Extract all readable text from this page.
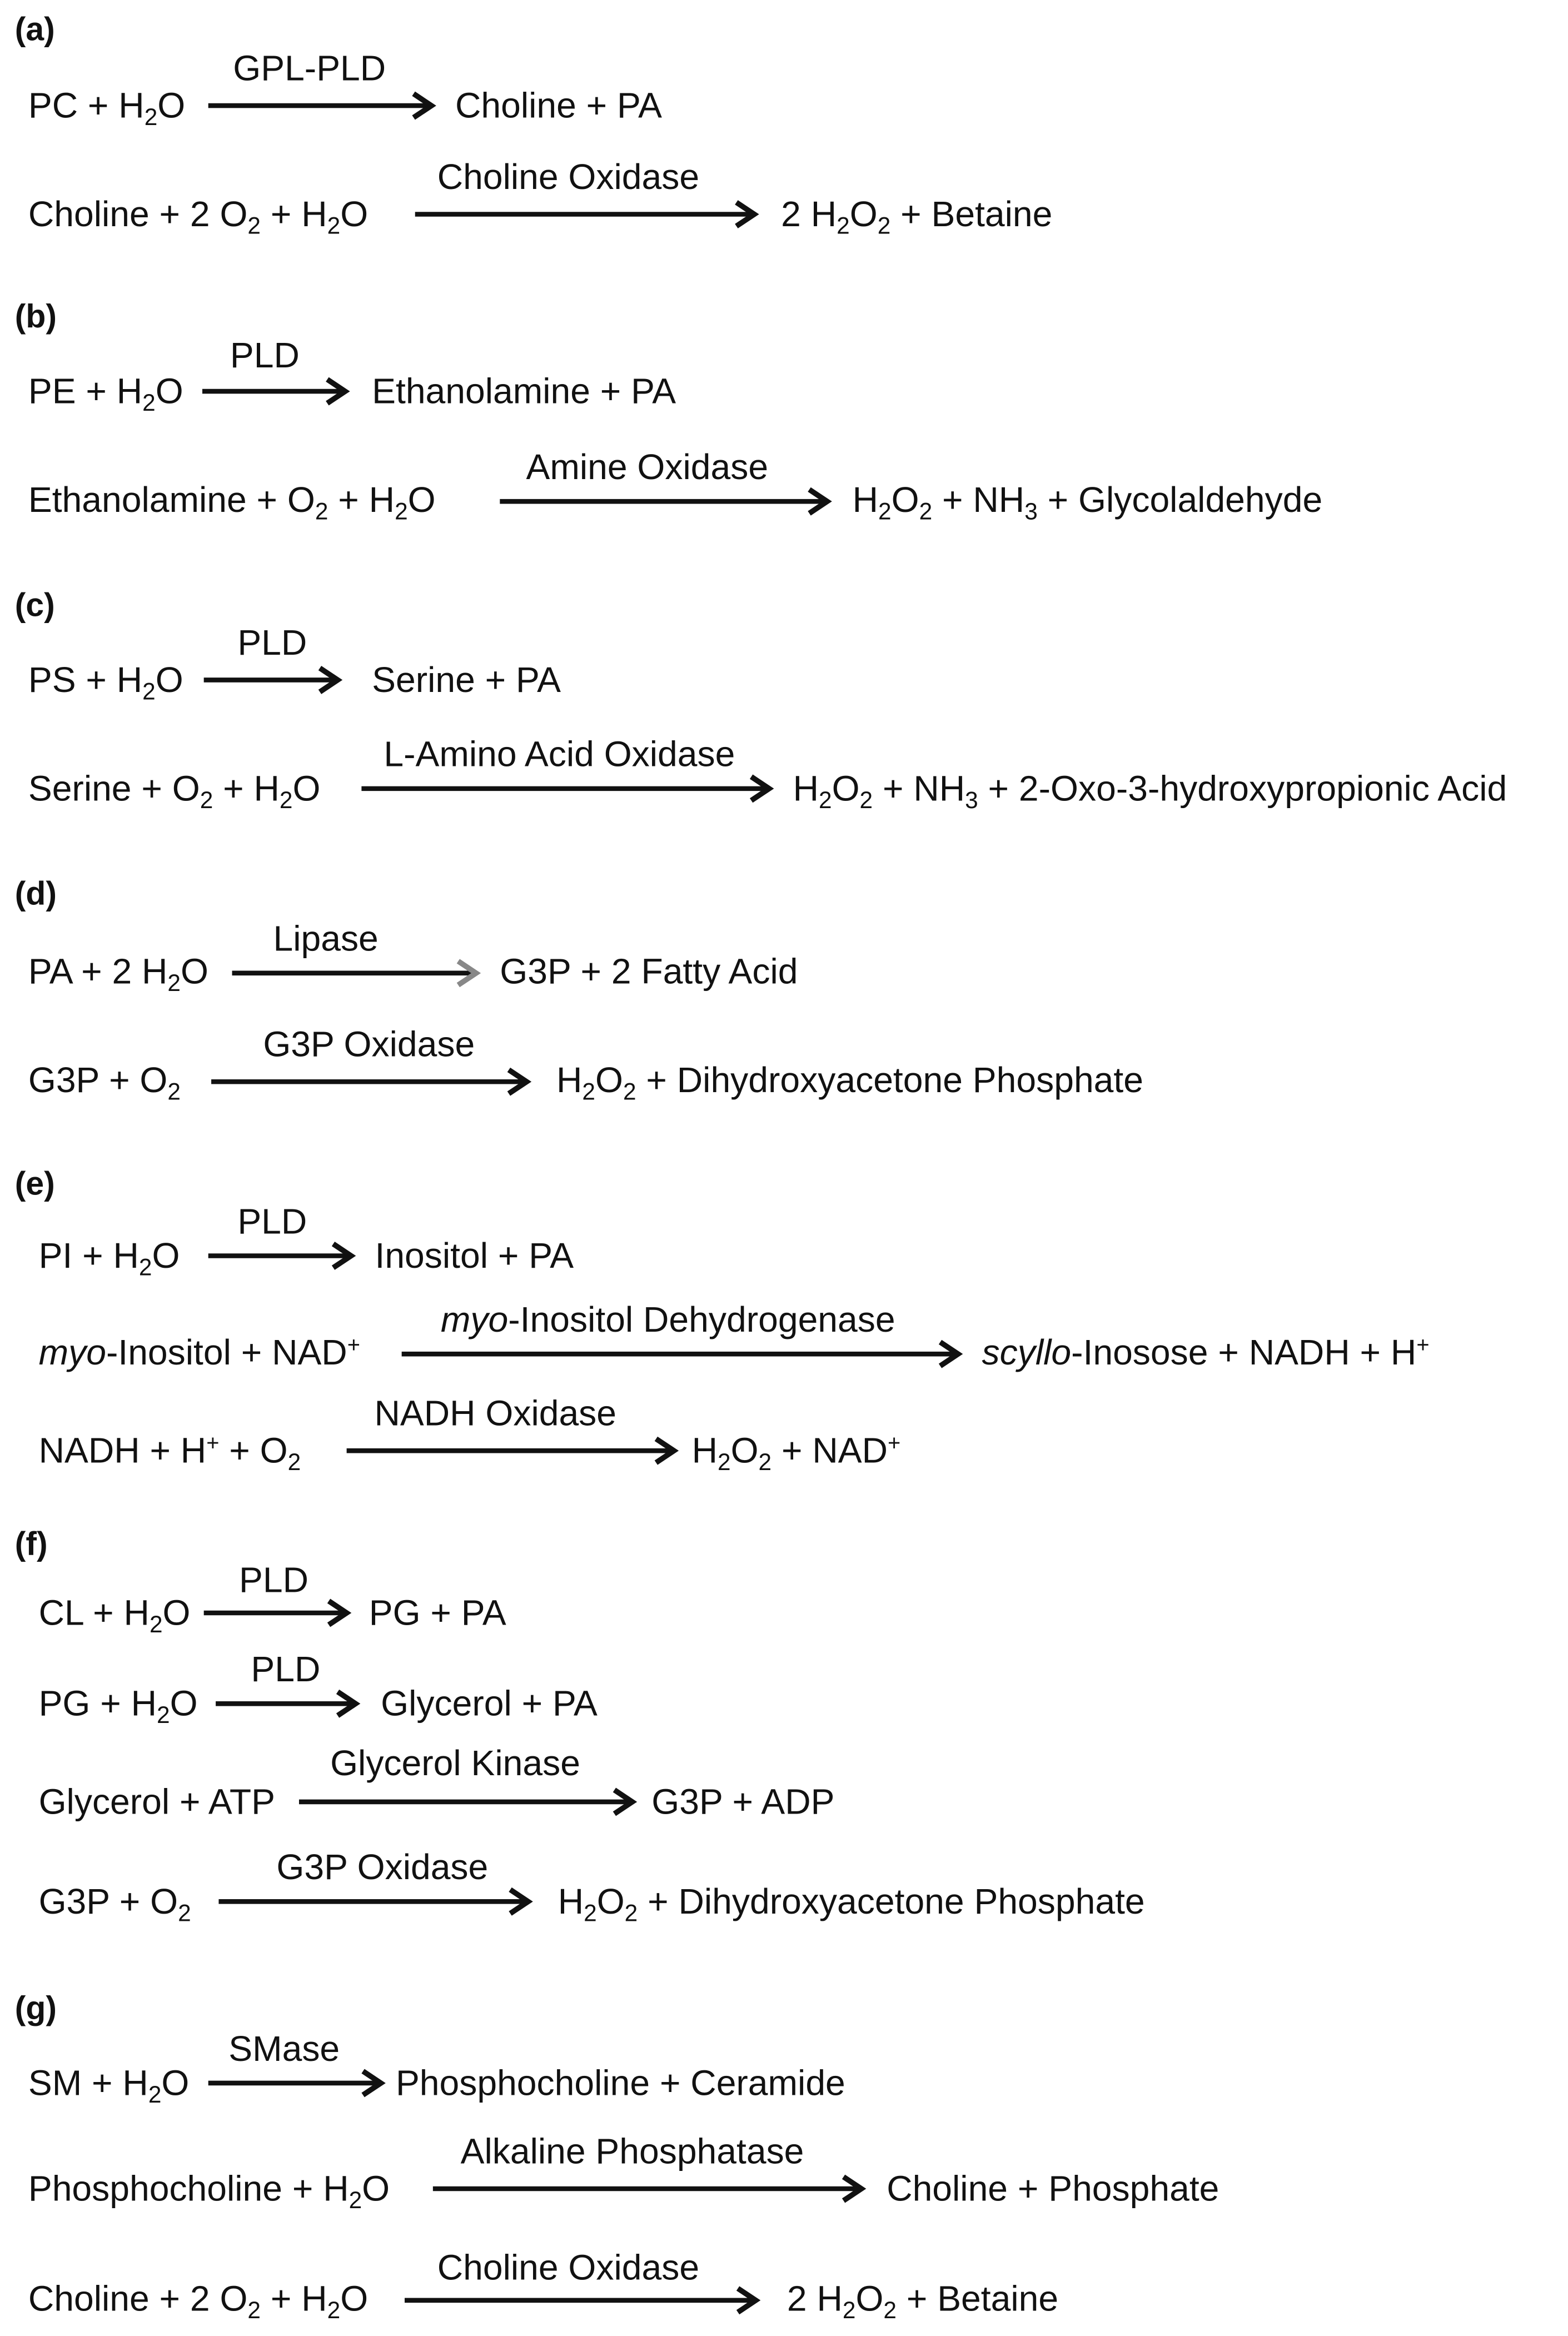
(a)
PC + $H_2O$
GPL-PLD
Choline + PA
Choline + 2 $O_2 + H_2O$
Choline Oxidase
2 $H_2O_2$ + Betaine
(b)
PE + $H_2O$
PLD
Ethanolamine + PA
Ethanolamine + $O_2 + H_2O$
Amine Oxidase
$H_2O_2 + NH_3$ + Glycolaldehyde
(c)
PS + $H_2O$
PLD
Serine + PA
Serine + $O_2 + H_2O$
L-Amino Acid Oxidase
$H_2O_2 + NH_3$ + 2-Oxo-3-hydroxypropionic Acid
(d)
PA + 2 $H_2O$
Lipase
G3P + 2 Fatty Acid
$G3P + O_2$
G3P Oxidase
$H_2O_2$ + Dihydroxyacetone Phosphate
(e)
PI + $H_2O$
PLD
Inositol + PA
myo-Inositol + NAD+
myo-Inositol Dehydrogenase
scyllo-Inosose + NADH + H+
NADH + $H^+ + O_2$
NADH Oxidase
$H_2O_2 + NAD^+$
(f)
CL + $H_2O$
PLD
PG + PA
PG + $H_2O$
PLD
Glycerol + PA
Glycerol + ATP
Glycerol Kinase
G3P + ADP
$G3P + O_2$
G3P Oxidase
$H_2O_2$ + Dihydroxyacetone Phosphate
(g)
SM + $H_2O$
SMase
Phosphocholine + Ceramide
Phosphocholine + $H_2O$
Alkaline Phosphatase
Choline + Phosphate
Choline + 2 $O_2 + H_2O$
Choline Oxidase
2 $H_2O_2$ + Betaine
